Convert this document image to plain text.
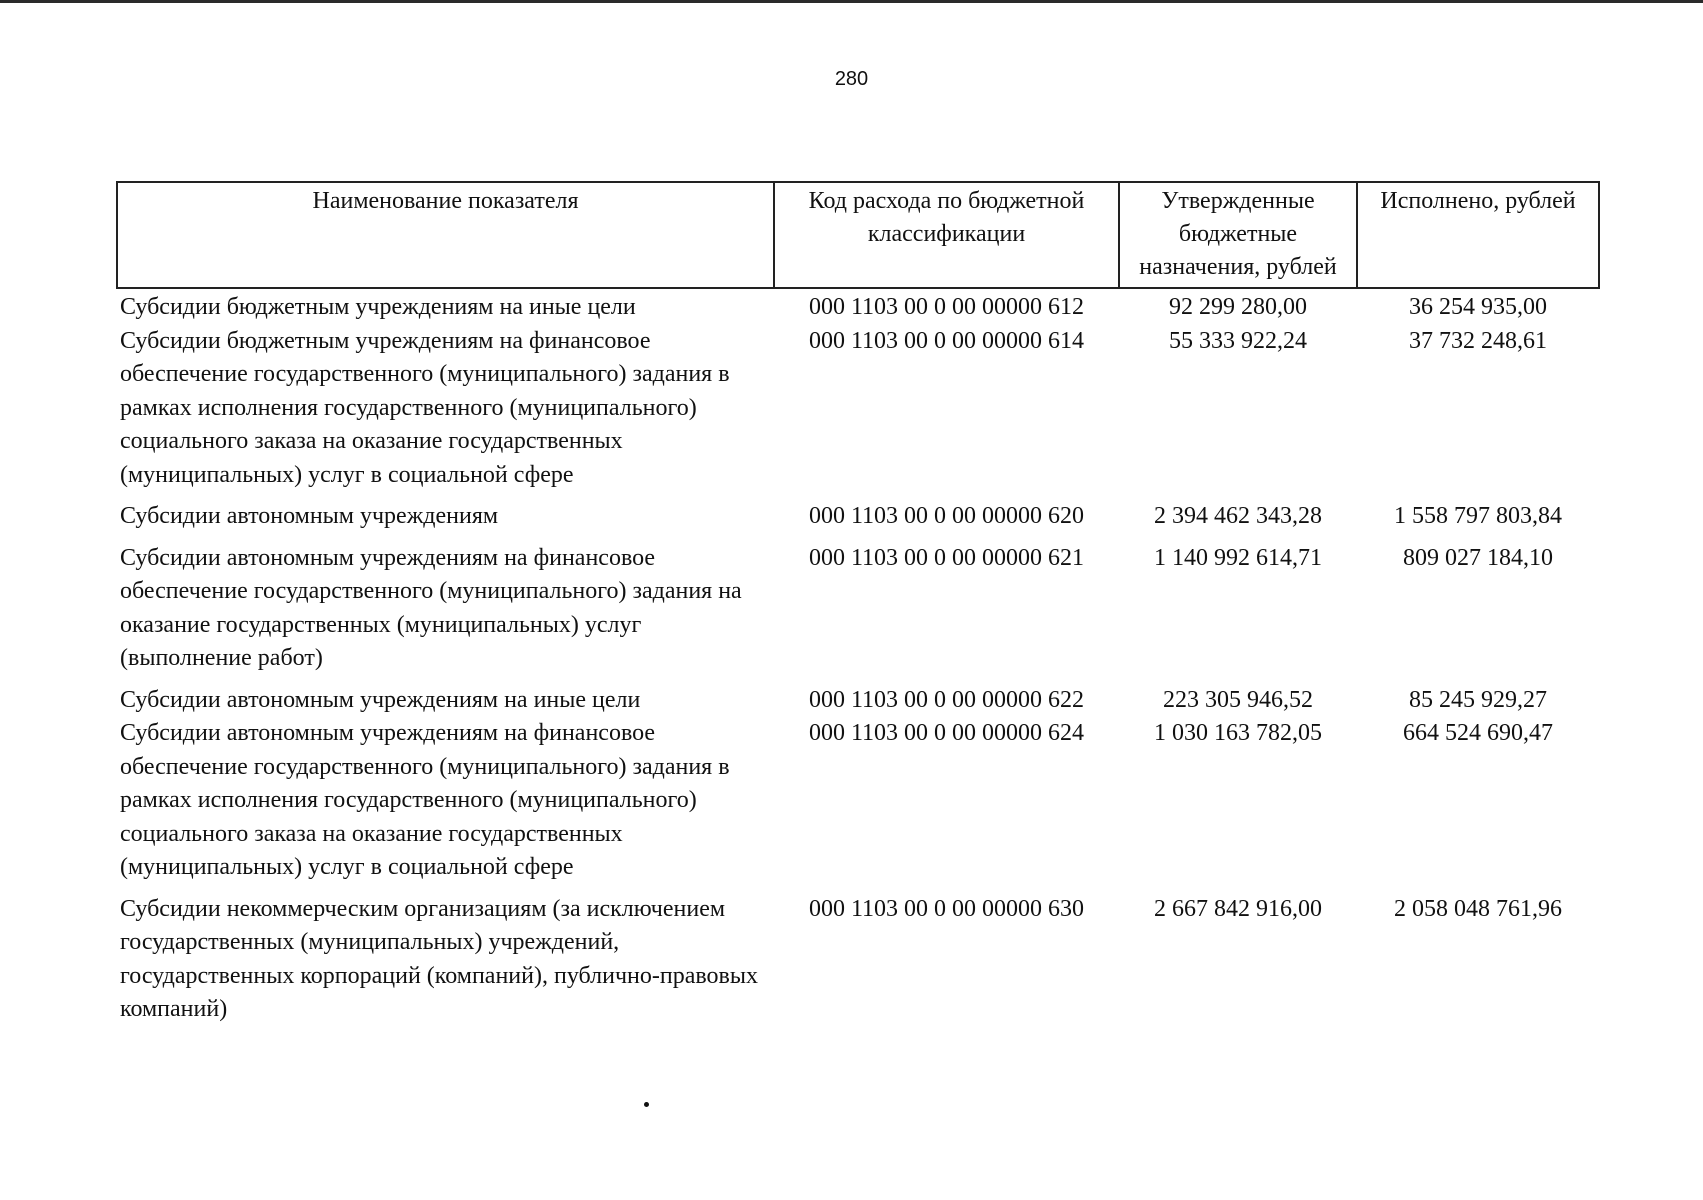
280
Наименование показателя	Код расхода по бюджетной классификации	Утвержденные бюджетные назначения, рублей	Исполнено, рублей
Субсидии бюджетным учреждениям на иные цели	000 1103 00 0 00 00000 612	92 299 280,00	36 254 935,00
Субсидии бюджетным учреждениям на финансовое обеспечение государственного (муниципального) задания в рамках исполнения государственного (муниципального) социального заказа на оказание государственных (муниципальных) услуг в социальной сфере	000 1103 00 0 00 00000 614	55 333 922,24	37 732 248,61
Субсидии автономным учреждениям	000 1103 00 0 00 00000 620	2 394 462 343,28	1 558 797 803,84
Субсидии автономным учреждениям на финансовое обеспечение государственного (муниципального) задания на оказание государственных (муниципальных) услуг (выполнение работ)	000 1103 00 0 00 00000 621	1 140 992 614,71	809 027 184,10
Субсидии автономным учреждениям на иные цели	000 1103 00 0 00 00000 622	223 305 946,52	85 245 929,27
Субсидии автономным учреждениям на финансовое обеспечение государственного (муниципального) задания в рамках исполнения государственного (муниципального) социального заказа на оказание государственных (муниципальных) услуг в социальной сфере	000 1103 00 0 00 00000 624	1 030 163 782,05	664 524 690,47
Субсидии некоммерческим организациям (за исключением государственных (муниципальных) учреждений, государственных корпораций (компаний), публично-правовых компаний)	000 1103 00 0 00 00000 630	2 667 842 916,00	2 058 048 761,96
